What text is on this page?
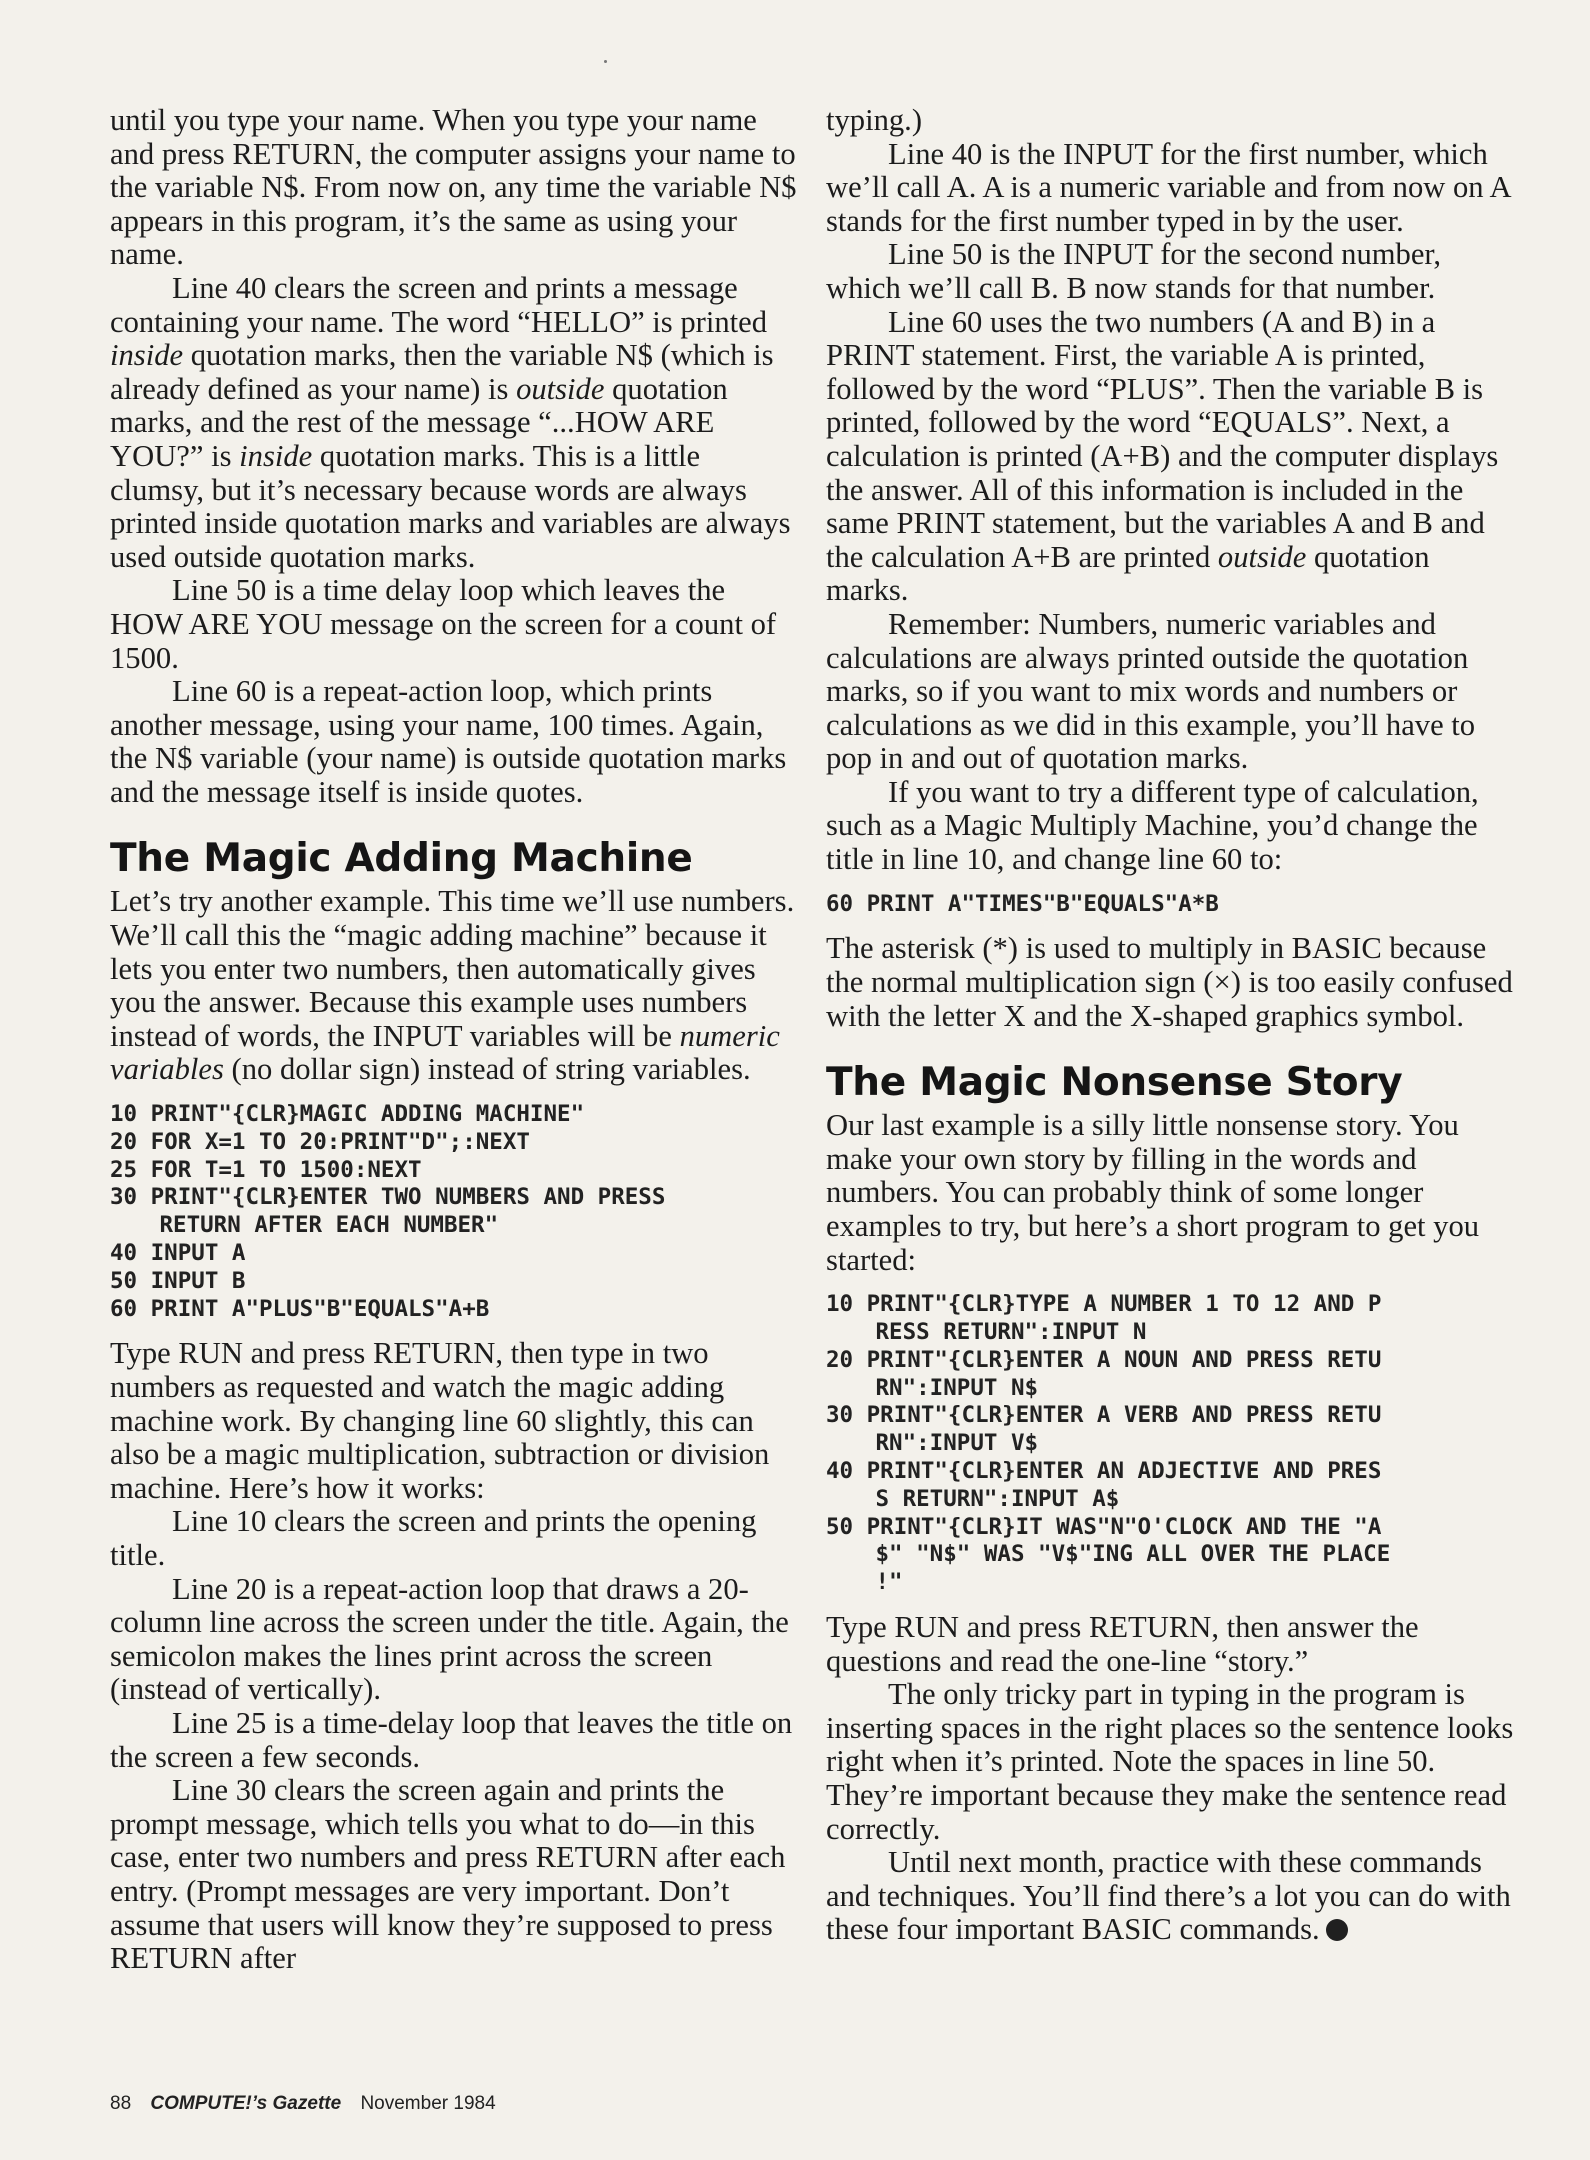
until you type your name. When you type your name and press RETURN, the computer assigns your name to the variable N$. From now on, any time the variable N$ appears in this program, it’s the same as using your name.

Line 40 clears the screen and prints a message containing your name. The word “HELLO” is printed inside quotation marks, then the variable N$ (which is already defined as your name) is outside quotation marks, and the rest of the message “...HOW ARE YOU?” is inside quotation marks. This is a little clumsy, but it’s necessary because words are always printed inside quotation marks and variables are always used outside quotation marks.

Line 50 is a time delay loop which leaves the HOW ARE YOU message on the screen for a count of 1500.

Line 60 is a repeat-action loop, which prints another message, using your name, 100 times. Again, the N$ variable (your name) is outside quotation marks and the message itself is inside quotes.

The Magic Adding Machine

Let’s try another example. This time we’ll use numbers. We’ll call this the “magic adding machine” because it lets you enter two numbers, then automatically gives you the answer. Because this example uses numbers instead of words, the INPUT variables will be numeric variables (no dollar sign) instead of string variables.

10 PRINT"{CLR}MAGIC ADDING MACHINE"
20 FOR X=1 TO 20:PRINT"D";:NEXT
25 FOR T=1 TO 1500:NEXT
30 PRINT"{CLR}ENTER TWO NUMBERS AND PRESS
RETURN AFTER EACH NUMBER"
40 INPUT A
50 INPUT B
60 PRINT A"PLUS"B"EQUALS"A+B

Type RUN and press RETURN, then type in two numbers as requested and watch the magic adding machine work. By changing line 60 slightly, this can also be a magic multiplication, subtraction or division machine. Here’s how it works:

Line 10 clears the screen and prints the opening title.

Line 20 is a repeat-action loop that draws a 20-column line across the screen under the title. Again, the semicolon makes the lines print across the screen (instead of vertically).

Line 25 is a time-delay loop that leaves the title on the screen a few seconds.

Line 30 clears the screen again and prints the prompt message, which tells you what to do—in this case, enter two numbers and press RETURN after each entry. (Prompt messages are very important. Don’t assume that users will know they’re supposed to press RETURN after

typing.)

Line 40 is the INPUT for the first number, which we’ll call A. A is a numeric variable and from now on A stands for the first number typed in by the user.

Line 50 is the INPUT for the second number, which we’ll call B. B now stands for that number.

Line 60 uses the two numbers (A and B) in a PRINT statement. First, the variable A is printed, followed by the word “PLUS”. Then the variable B is printed, followed by the word “EQUALS”. Next, a calculation is printed (A+B) and the computer displays the answer. All of this information is included in the same PRINT statement, but the variables A and B and the calculation A+B are printed outside quotation marks.

Remember: Numbers, numeric variables and calculations are always printed outside the quotation marks, so if you want to mix words and numbers or calculations as we did in this example, you’ll have to pop in and out of quotation marks.

If you want to try a different type of calculation, such as a Magic Multiply Machine, you’d change the title in line 10, and change line 60 to:

60 PRINT A"TIMES"B"EQUALS"A*B

The asterisk (*) is used to multiply in BASIC because the normal multiplication sign (×) is too easily confused with the letter X and the X-shaped graphics symbol.

The Magic Nonsense Story

Our last example is a silly little nonsense story. You make your own story by filling in the words and numbers. You can probably think of some longer examples to try, but here’s a short program to get you started:

10 PRINT"{CLR}TYPE A NUMBER 1 TO 12 AND P
RESS RETURN":INPUT N
20 PRINT"{CLR}ENTER A NOUN AND PRESS RETU
RN":INPUT N$
30 PRINT"{CLR}ENTER A VERB AND PRESS RETU
RN":INPUT V$
40 PRINT"{CLR}ENTER AN ADJECTIVE AND PRES
S RETURN":INPUT A$
50 PRINT"{CLR}IT WAS"N"O'CLOCK AND THE "A
$" "N$" WAS "V$"ING ALL OVER THE PLACE
!"

Type RUN and press RETURN, then answer the questions and read the one-line “story.”

The only tricky part in typing in the program is inserting spaces in the right places so the sentence looks right when it’s printed. Note the spaces in line 50. They’re important because they make the sentence read correctly.

Until next month, practice with these commands and techniques. You’ll find there’s a lot you can do with these four important BASIC commands.

88 COMPUTE!’s Gazette November 1984
